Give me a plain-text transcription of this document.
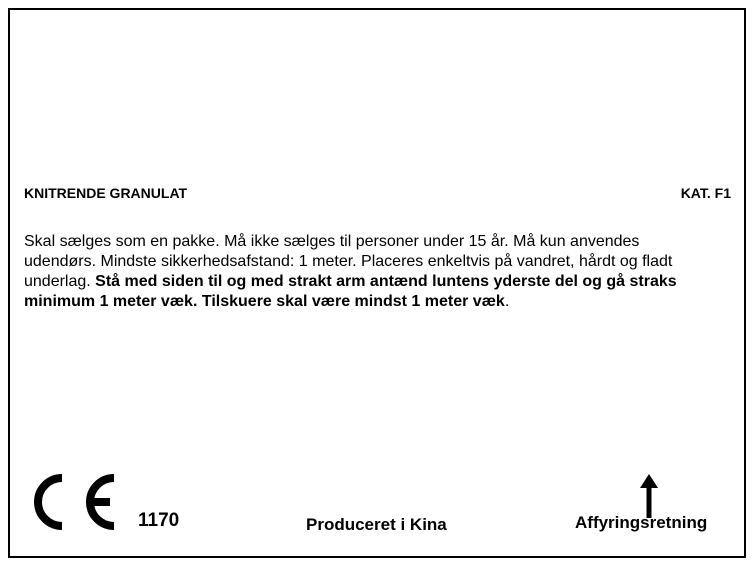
KNITRENDE GRANULAT	KAT. F1
Skal sælges som en pakke. Må ikke sælges til personer under 15 år. Må kun anvendes udendørs. Mindste sikkerhedsafstand: 1 meter. Placeres enkeltvis på vandret, hårdt og fladt underlag. Stå med siden til og med strakt arm antænd luntens yderste del og gå straks minimum 1 meter væk. Tilskuere skal være mindst 1 meter væk.
1170	Produceret i Kina	Affyringsretning
